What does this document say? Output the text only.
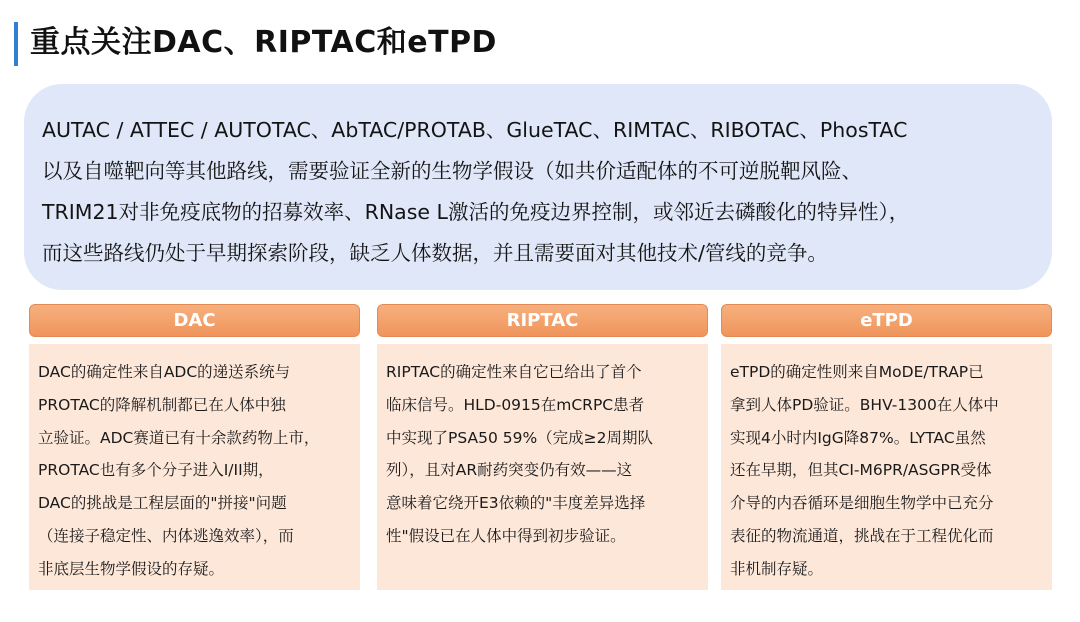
重点关注DAC、RIPTAC和eTPD
AUTAC / ATTEC / AUTOTAC、AbTAC/PROTAB、GlueTAC、RIMTAC、RIBOTAC、PhosTAC
以及自噬靶向等其他路线，需要验证全新的生物学假设（如共价适配体的不可逆脱靶风险、
TRIM21对非免疫底物的招募效率、RNase L激活的免疫边界控制，或邻近去磷酸化的特异性），
而这些路线仍处于早期探索阶段，缺乏人体数据，并且需要面对其他技术/管线的竞争。
DAC
DAC的确定性来自ADC的递送系统与
PROTAC的降解机制都已在人体中独
立验证。ADC赛道已有十余款药物上市，
PROTAC也有多个分子进入I/II期，
DAC的挑战是工程层面的"拼接"问题
（连接子稳定性、内体逃逸效率），而
非底层生物学假设的存疑。
RIPTAC
RIPTAC的确定性来自它已给出了首个
临床信号。HLD-0915在mCRPC患者
中实现了PSA50 59%（完成≥2周期队
列），且对AR耐药突变仍有效——这
意味着它绕开E3依赖的"丰度差异选择
性"假设已在人体中得到初步验证。
eTPD
eTPD的确定性则来自MoDE/TRAP已
拿到人体PD验证。BHV-1300在人体中
实现4小时内IgG降87%。LYTAC虽然
还在早期，但其CI-M6PR/ASGPR受体
介导的内吞循环是细胞生物学中已充分
表征的物流通道，挑战在于工程优化而
非机制存疑。
